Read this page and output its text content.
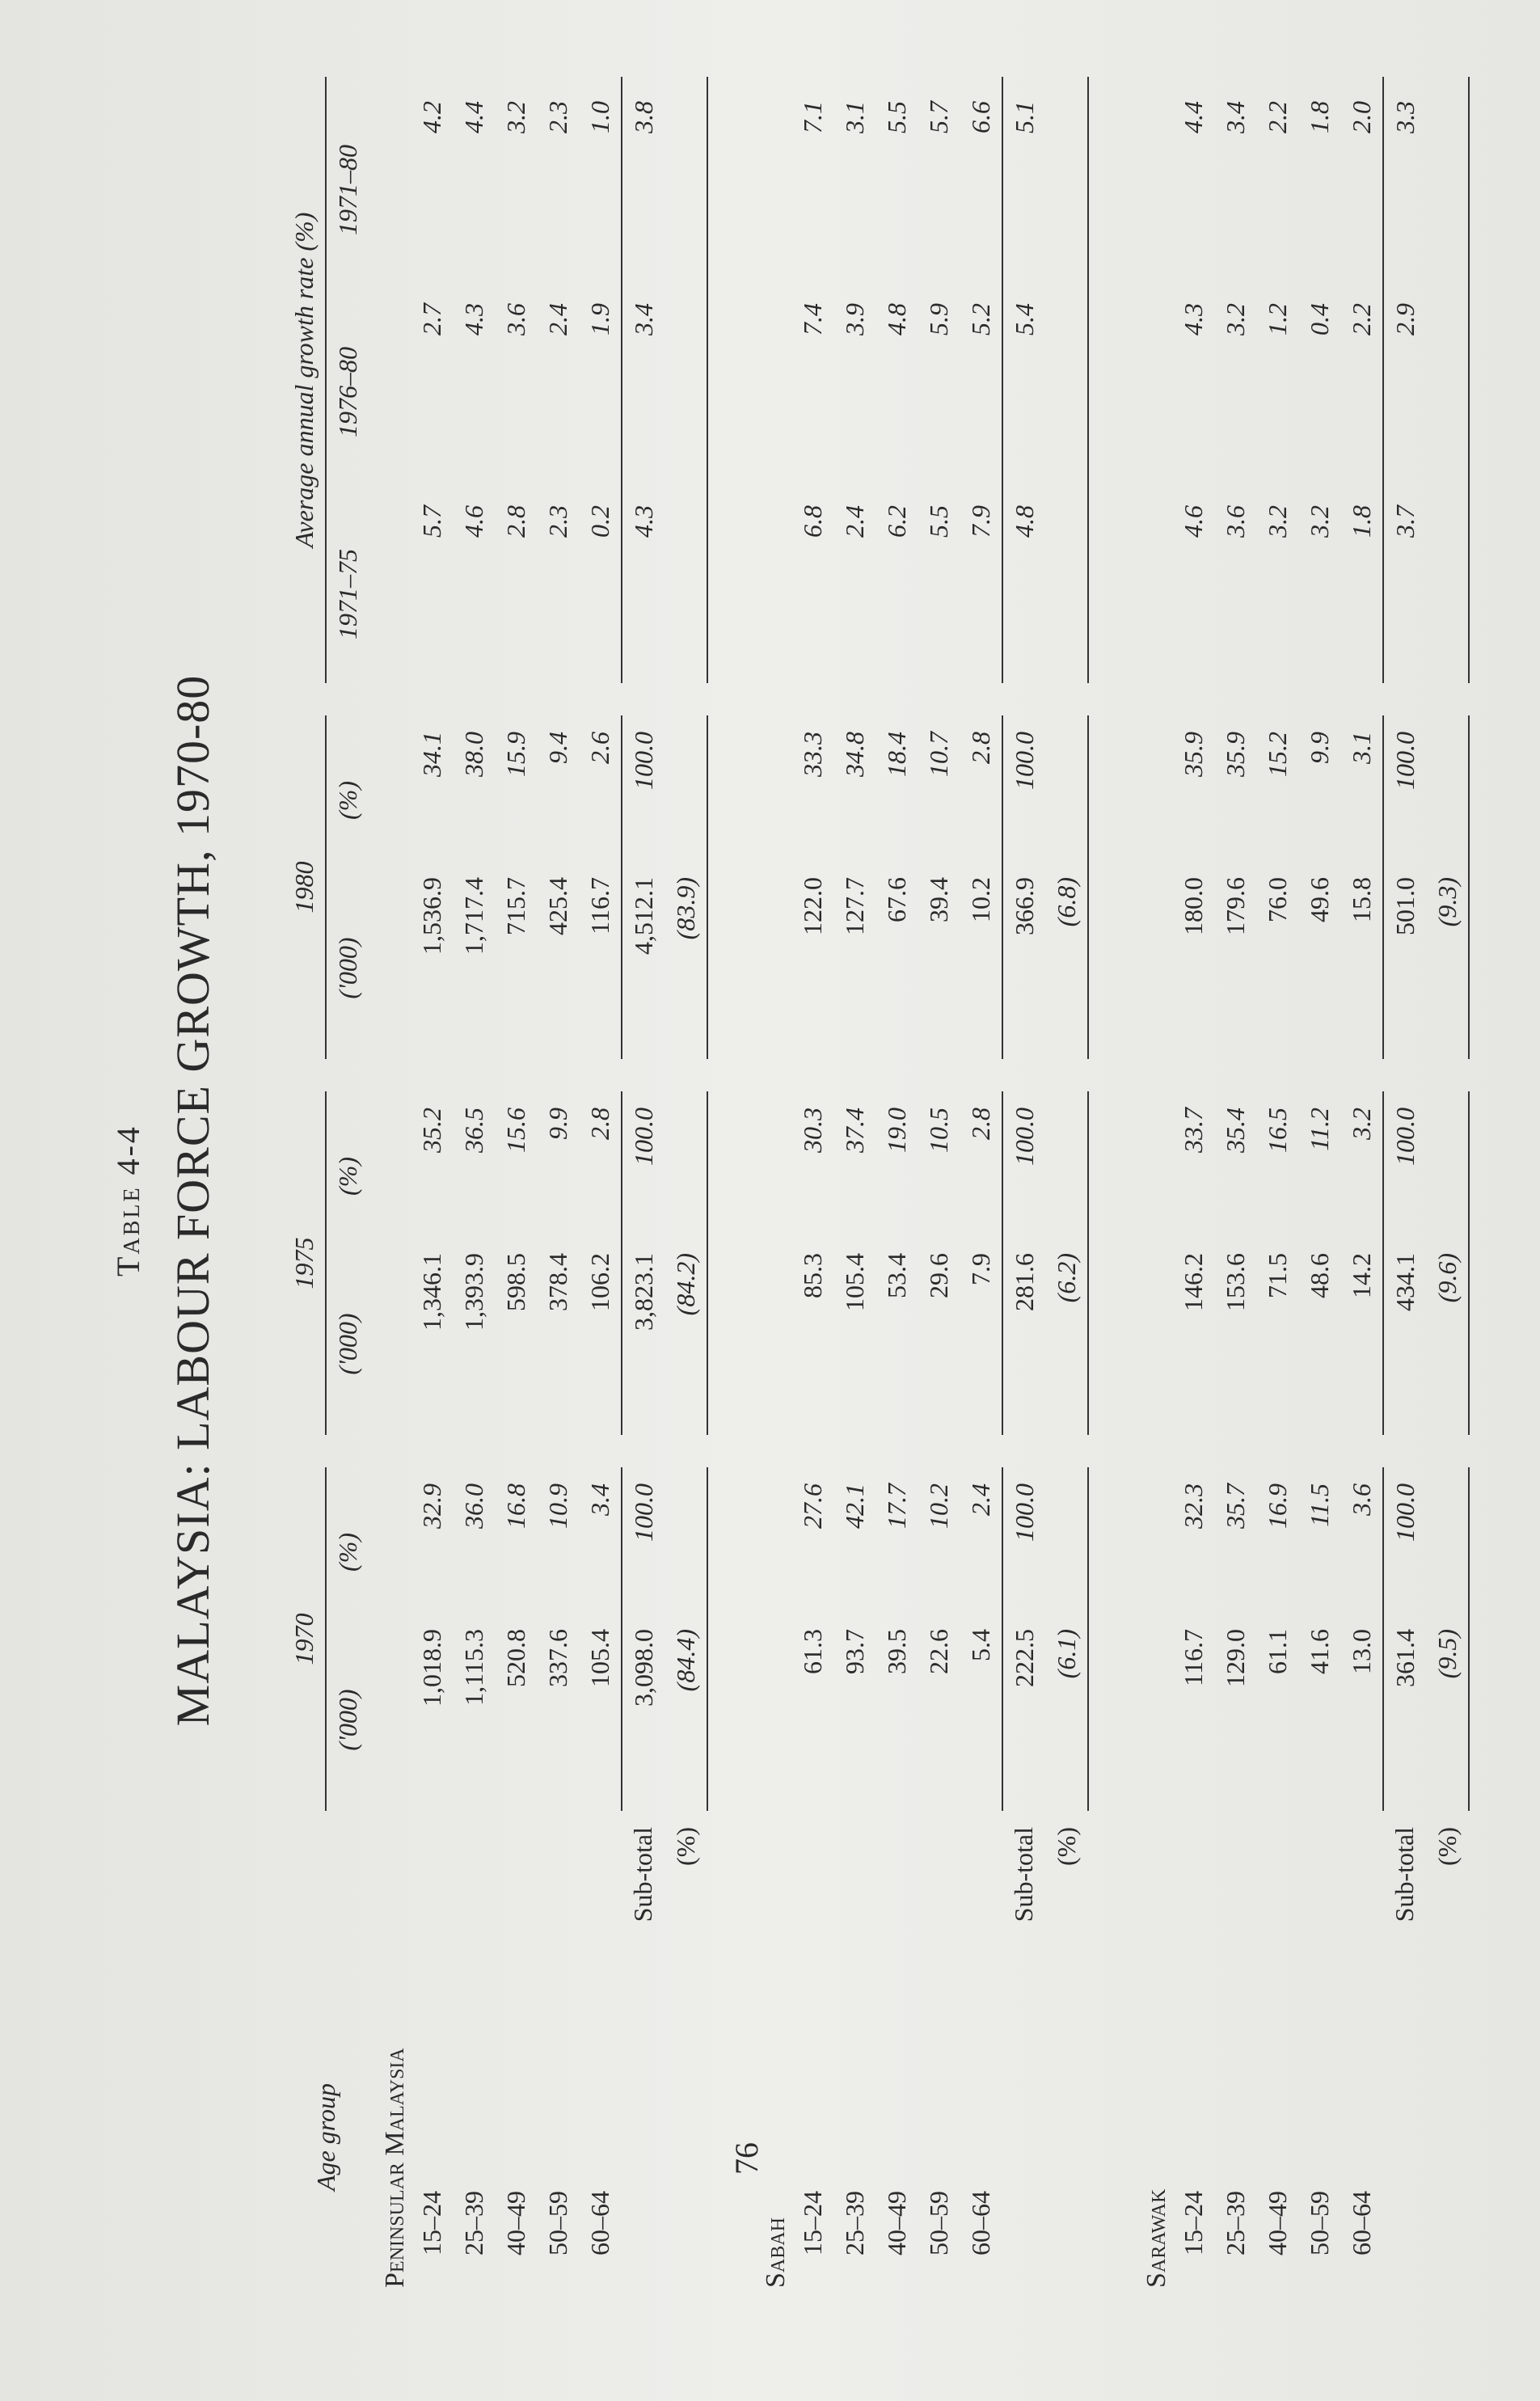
Table 4-4 MALAYSIA: LABOUR FORCE GROWTH, 1970-80
Age group	1970			1975			1980			Average annual growth rate (%)		
	('000)	(%)		('000)	(%)		('000)	(%)		1971–75	1976–80	1971–80
Peninsular Malaysia												
15–24	1,018.9	32.9		1,346.1	35.2		1,536.9	34.1		5.7	2.7	4.2
25–39	1,115.3	36.0		1,393.9	36.5		1,717.4	38.0		4.6	4.3	4.4
40–49	520.8	16.8		598.5	15.6		715.7	15.9		2.8	3.6	3.2
50–59	337.6	10.9		378.4	9.9		425.4	9.4		2.3	2.4	2.3
60–64	105.4	3.4		106.2	2.8		116.7	2.6		0.2	1.9	1.0
Sub-total	3,098.0	100.0		3,823.1	100.0		4,512.1	100.0		4.3	3.4	3.8
(%)	(84.4)			(84.2)			(83.9)					

Sabah												
15–24	61.3	27.6		85.3	30.3		122.0	33.3		6.8	7.4	7.1
25–39	93.7	42.1		105.4	37.4		127.7	34.8		2.4	3.9	3.1
40–49	39.5	17.7		53.4	19.0		67.6	18.4		6.2	4.8	5.5
50–59	22.6	10.2		29.6	10.5		39.4	10.7		5.5	5.9	5.7
60–64	5.4	2.4		7.9	2.8		10.2	2.8		7.9	5.2	6.6
Sub-total	222.5	100.0		281.6	100.0		366.9	100.0		4.8	5.4	5.1
(%)	(6.1)			(6.2)			(6.8)					

Sarawak												
15–24	116.7	32.3		146.2	33.7		180.0	35.9		4.6	4.3	4.4
25–39	129.0	35.7		153.6	35.4		179.6	35.9		3.6	3.2	3.4
40–49	61.1	16.9		71.5	16.5		76.0	15.2		3.2	1.2	2.2
50–59	41.6	11.5		48.6	11.2		49.6	9.9		3.2	0.4	1.8
60–64	13.0	3.6		14.2	3.2		15.8	3.1		1.8	2.2	2.0
Sub-total	361.4	100.0		434.1	100.0		501.0	100.0		3.7	2.9	3.3
(%)	(9.5)			(9.6)			(9.3)					
76
